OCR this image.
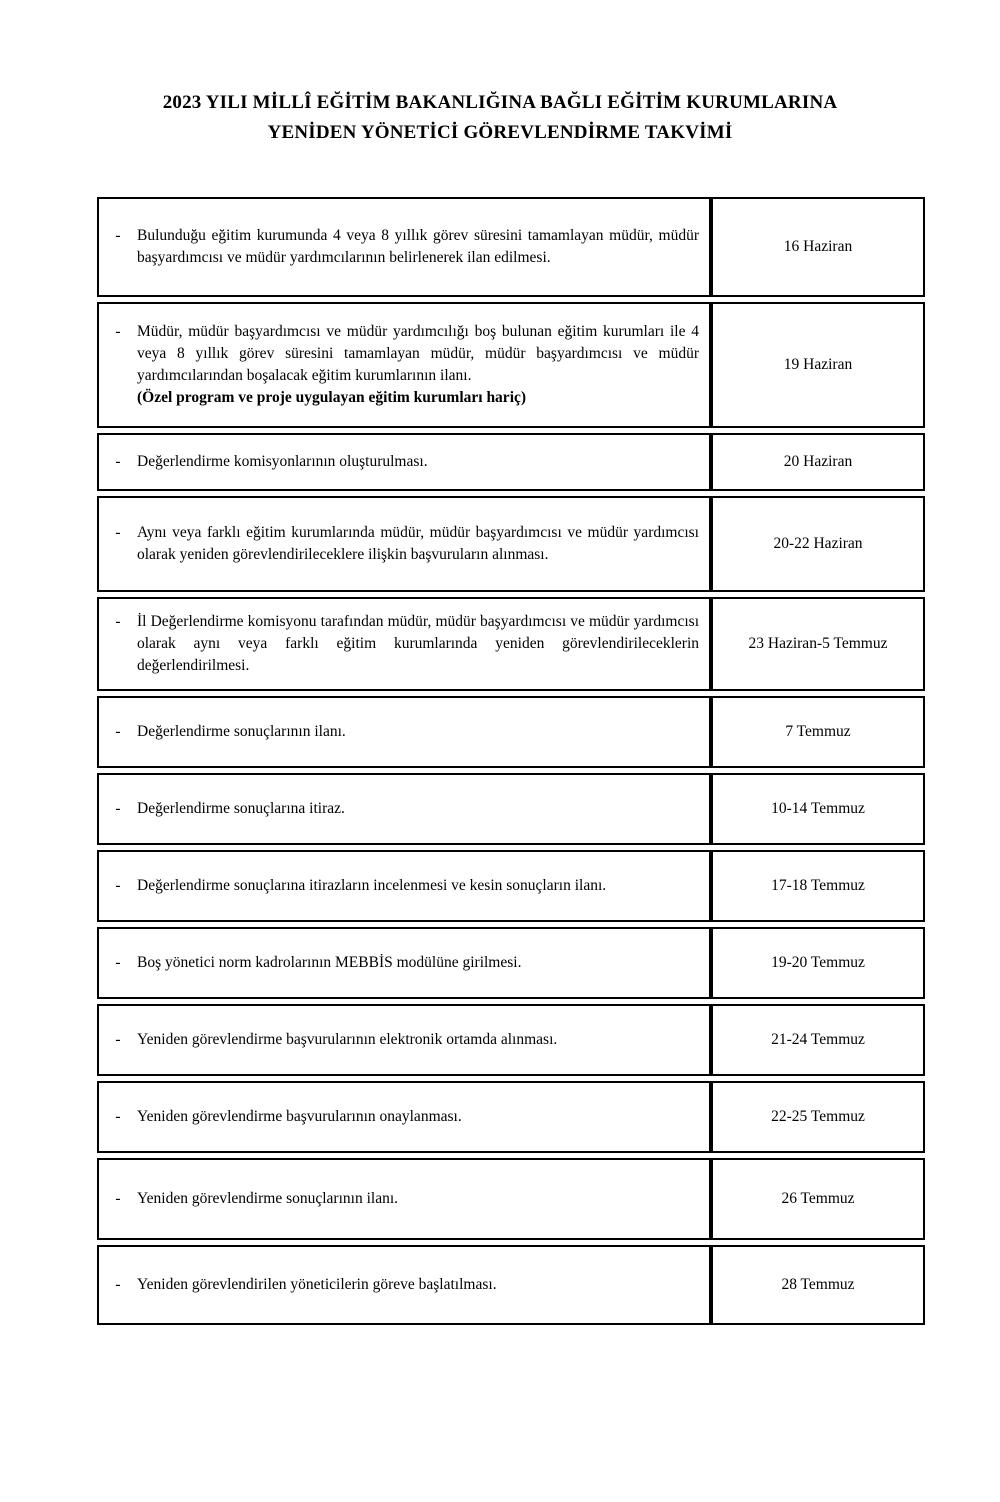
2023 YILI MİLLÎ EĞİTİM BAKANLIĞINA BAĞLI EĞİTİM KURUMLARINA
YENİDEN YÖNETİCİ GÖREVLENDİRME TAKVİMİ
- Bulunduğu eğitim kurumunda 4 veya 8 yıllık görev süresini tamamlayan müdür, müdür başyardımcısı ve müdür yardımcılarının belirlenerek ilan edilmesi.	16 Haziran

- Müdür, müdür başyardımcısı ve müdür yardımcılığı boş bulunan eğitim kurumları ile 4 veya 8 yıllık görev süresini tamamlayan müdür, müdür başyardımcısı ve müdür yardımcılarından boşalacak eğitim kurumlarının ilanı.
(Özel program ve proje uygulayan eğitim kurumları hariç)	19 Haziran

- Değerlendirme komisyonlarının oluşturulması.	20 Haziran

- Aynı veya farklı eğitim kurumlarında müdür, müdür başyardımcısı ve müdür yardımcısı olarak yeniden görevlendirileceklere ilişkin başvuruların alınması.	20-22 Haziran

- İl Değerlendirme komisyonu tarafından müdür, müdür başyardımcısı ve müdür yardımcısı olarak aynı veya farklı eğitim kurumlarında yeniden görevlendirileceklerin değerlendirilmesi.	23 Haziran-5 Temmuz

- Değerlendirme sonuçlarının ilanı.	7 Temmuz

- Değerlendirme sonuçlarına itiraz.	10-14 Temmuz

- Değerlendirme sonuçlarına itirazların incelenmesi ve kesin sonuçların ilanı.	17-18 Temmuz

- Boş yönetici norm kadrolarının MEBBİS modülüne girilmesi.	19-20 Temmuz

- Yeniden görevlendirme başvurularının elektronik ortamda alınması.	21-24 Temmuz

- Yeniden görevlendirme başvurularının onaylanması.	22-25 Temmuz

- Yeniden görevlendirme sonuçlarının ilanı.	26 Temmuz

- Yeniden görevlendirilen yöneticilerin göreve başlatılması.	28 Temmuz
